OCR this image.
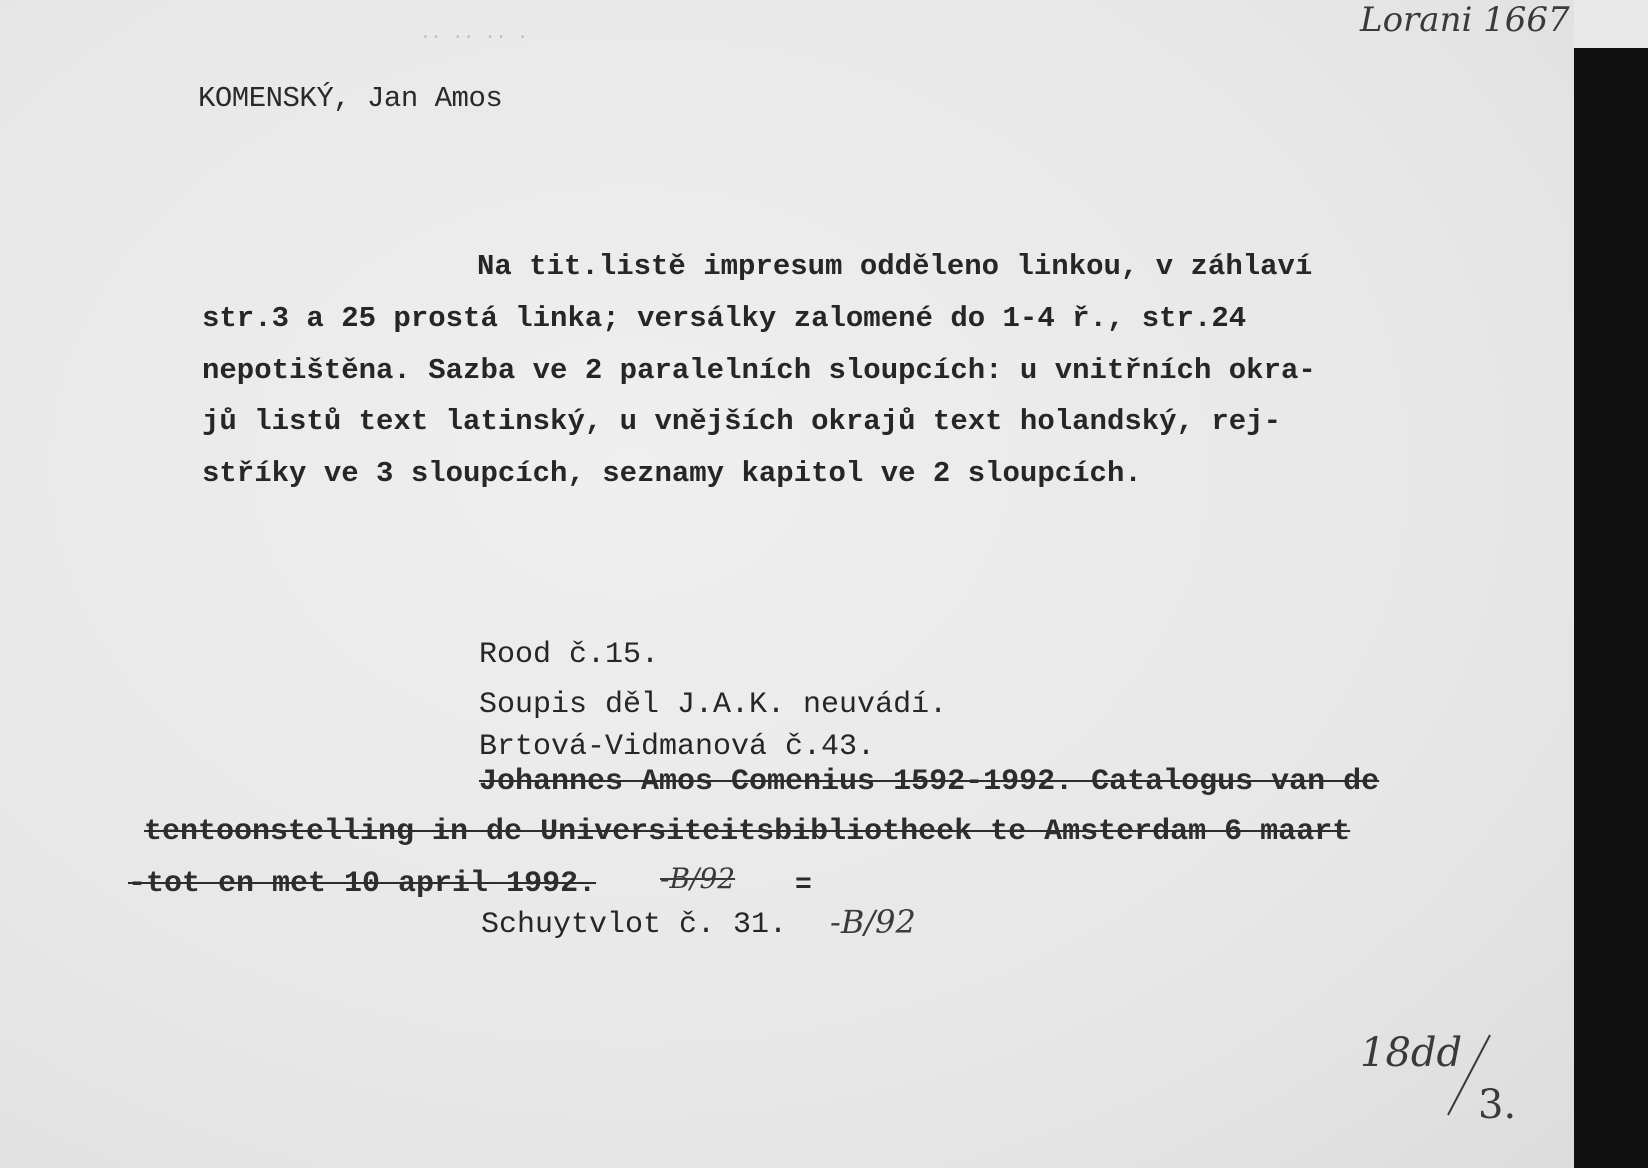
·· ·· ·· ·	Lorani 1667
KOMENSKÝ, Jan Amos
Na tit.listě impresum odděleno linkou, v záhlaví
str.3 a 25 prostá linka; versálky zalomené do 1-4 ř., str.24
nepotištěna. Sazba ve 2 paralelních sloupcích: u vnitřních okra-
jů listů text latinský, u vnějších okrajů text holandský, rej-
stříky ve 3 sloupcích, seznamy kapitol ve 2 sloupcích.
Rood č.15.
Soupis děl J.A.K. neuvádí.
Brtová-Vidmanová č.43.
Johannes Amos Comenius 1592-1992. Catalogus van de
tentoonstelling in de Universiteitsbibliotheek te Amsterdam 6 maart
-tot en met 10 april 1992. -B/92 =
Schuytvlot č. 31. -B/92
18dd
3.
